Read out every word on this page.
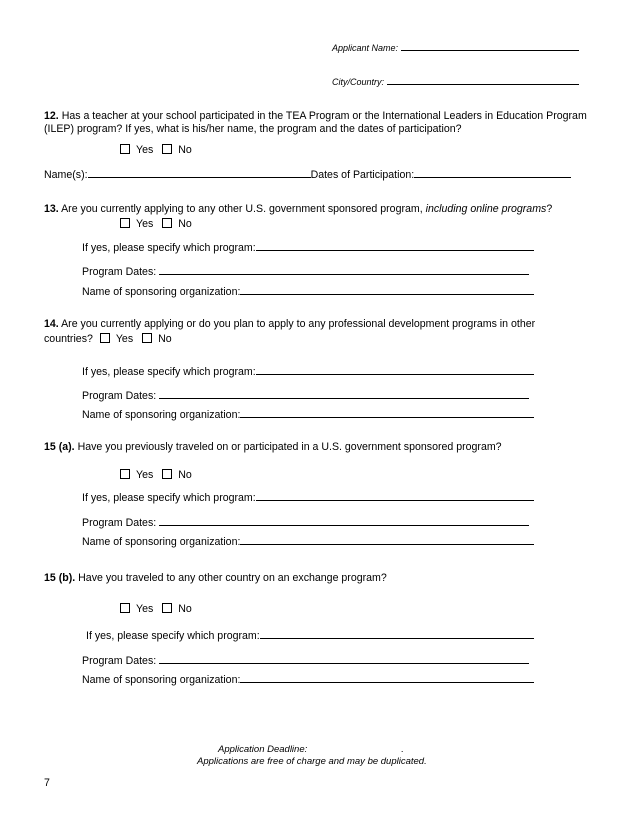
Applicant Name:
City/Country:
12. Has a teacher at your school participated in the TEA Program or the International Leaders in Education Program
(ILEP) program? If yes, what is his/her name, the program and the dates of participation?
Yes No
Name(s):	Dates of Participation:
13. Are you currently applying to any other U.S. government sponsored program, including online programs?
Yes No
If yes, please specify which program:
Program Dates:
Name of sponsoring organization:
14. Are you currently applying or do you plan to apply to any professional development programs in other
countries? Yes No
If yes, please specify which program:
Program Dates:
Name of sponsoring organization:
15 (a). Have you previously traveled on or participated in a U.S. government sponsored program?
Yes No
If yes, please specify which program:
Program Dates:
Name of sponsoring organization:
15 (b). Have you traveled to any other country on an exchange program?
Yes No
If yes, please specify which program:
Program Dates:
Name of sponsoring organization:
Application Deadline:	.
Applications are free of charge and may be duplicated.
7
